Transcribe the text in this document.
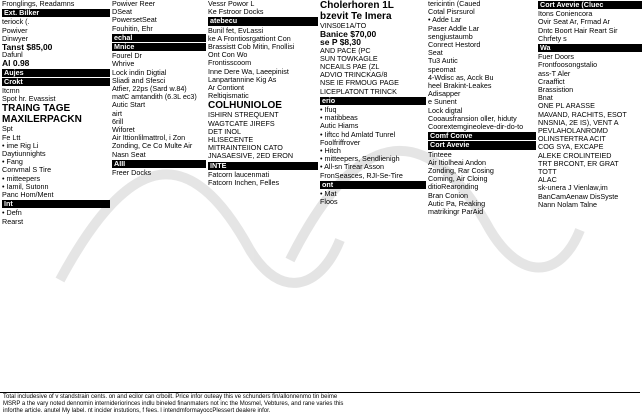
Fronglings, Readamns
Ext. Bilker
teriock (.
Powiver
Dinwyer
Tanst $85,00
Dafunl
Al 0.98
Aujes
Crokt
Itcmn
Spot hr. Evassist
TRAING TAGE
MAXILERPACKN
Spt
Fe Ltt
• ime Rig Li
Daytiunnights
• Fang
Convmal S Tire
• mitteepers
• Iamil, Sutonn
Panc Hom/Ment
Int
• Defn
Rearst
Powiver Reer
DSeat
PowersetSeat
Fouhitin, Ehr
echal
Mnice
Fourel Dr
Whrive
Lock indin Digtial
Sliadi and Sfesci
Atfier, 22ps (Sard w.84)
matC amtandith (6.3L ec3)
Autic Start
airt
6rill
Wiforet
Air Ittionlilmattrol, i Zon
Zonding, Ce Co Multe Air
Nasn Seat
AIII
Freer Docks
Vessr Powor L
Ke Fstroor Docks
atebecu
Bunil fet, EvLassi
ke A Frontiosrgattiont Con
Brassistt Cob Mitin, Fnollisi
Ont Con Wo
Frontisscoom
Inne Dere Wa, Laeepinist
Lanpartannine Kig As
Ar Contiont
Reltiqismatic
COLHUNIOLOE
ISHIRN STREQUENT
WAGTCATE JIREFS
DET INOL
HLISECENTE
MITRAINTEIION CATO
JNASAESIVE, 2ED ERON
INTE
Fatcorn laucenmati
Fatcorn Inchen, Felles
Cholerhoren 1L
bzevit Te Imera
VINS0E1A/TO
Banice $70,00
se P $8,30
AND PACE (PC
SUN TOWKAGLE
NCEAILS PAE (ZL
ADVIO TRINCKAG/8
NSE IE FRMOUG PAGE
LICEPLATONT TRINCK
erio
• Ifuq
• matibbeas
Autic Hiams
• Iiftcc hd Amlatd Tunrel
Foolfriffrover
• Hitch
• mitteepers, Sendlienigh
• All-sn Tirear Asson
FronSeasces, RJI-Se-Tire
ont
• Mat
Floos
tericintin (Caued
Cotal Pisrsurol
• Adde Lar
Paser Addle Lar
sengjustaumb
Conrect Hestord
Seat
Tu3 Autic
speomat
4-Wdisc as, Acck Bu
heel Brakint-Leakes
Adisapper
e Sunent
Lock digtal
Cooausfransion oller, hiduty
Coorextemgineoleve-dir-do-to
Comf Conve
Cort Avevie
Tinteee
Air Itiolheai Andon
Zonding, Rar Cosing
Coming, Air Cloing
ditioRearonding
Bran Conion
Autic Pa, Reaking
matrikingr ParAid
Cort Avevie (Cluec
Itons Coniencora
Ovir Seat Ar, Frmad Ar
Dntc Boort Hair Reart Sir
Chrfety s
Wa
Fuer Doors
Frontfoosongstalio
ass-T Aler
Craaffict
Brassistion
Bnat
ONE PL ARASSE
MAVAND, RACHITS, ESOT
NNSNIA, 2E IS), VENT A
PEVLAHOLANROMD
OLINSTERTRA ACIT
COG SYA, EXCAPE
ALEKE CROLINTEIED
TRT BRCONT, ER GRAT
TOTT
ALAC
sk-unera J Vienlaw,im
BanCamAenaw DisSyste
Nann Nolam Talne
Total includesive of v standstrain cents. on and ecilor can crboilt. Price infor outeay this ve schunders fin/allonnenmo tin beime
MSRP a the vary noted dennomin internideriorinces indlu bineled finanmaters not inc the Mosmel, Vebtures, and rane varies this
inforthe article. anutel My label. nt incider instutions, f fees. l intendmformayoccPlessert dealere infor.
